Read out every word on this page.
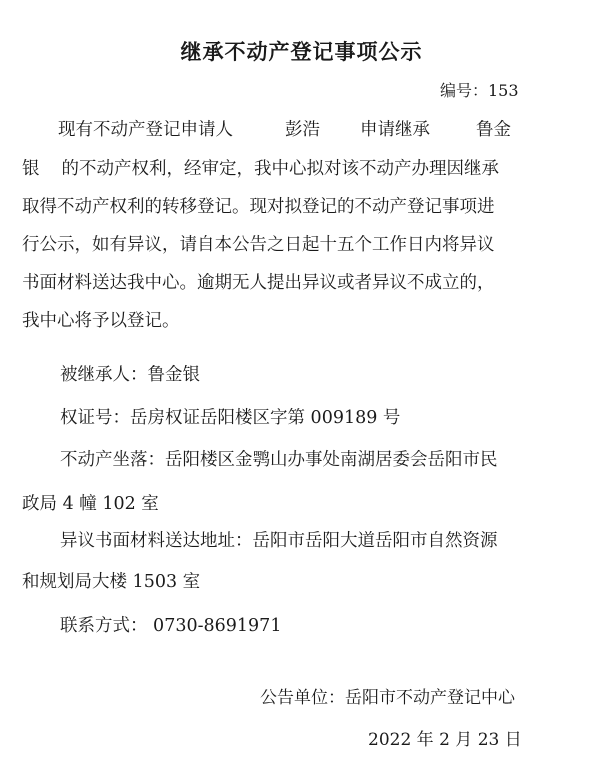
继承不动产登记事项公示
编号：153
现有不动产登记申请人	彭浩 申请继承	鲁金
银 的不动产权利，经审定，我中心拟对该不动产办理因继承
取得不动产权利的转移登记。现对拟登记的不动产登记事项进
行公示，如有异议，请自本公告之日起十五个工作日内将异议
书面材料送达我中心。逾期无人提出异议或者异议不成立的，
我中心将予以登记。
被继承人：鲁金银
权证号：岳房权证岳阳楼区字第 009189 号
不动产坐落：岳阳楼区金鹗山办事处南湖居委会岳阳市民
政局 4 幢 102 室
异议书面材料送达地址：岳阳市岳阳大道岳阳市自然资源
和规划局大楼 1503 室
联系方式： 0730-8691971
公告单位：岳阳市不动产登记中心
2022 年 2 月 23 日
